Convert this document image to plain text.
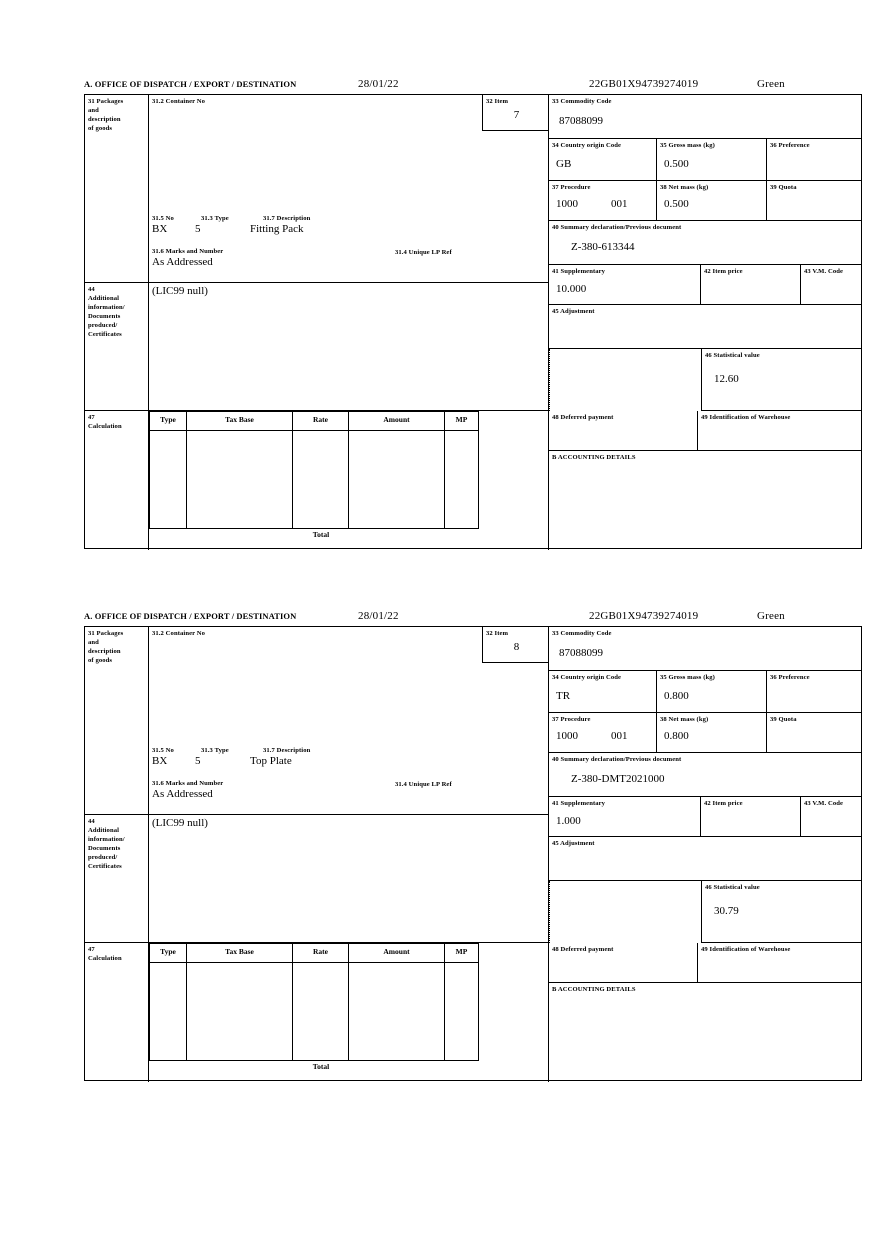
A. OFFICE OF DISPATCH / EXPORT / DESTINATION	28/01/22	22GB01X94739274019	Green
31 Packages
and
description
of goods
31.2 Container No
31.5 No	31.3 Type	31.7 Description
BX	5	Fitting Pack
31.6 Marks and Number	31.4 Unique LP Ref
As Addressed
32 Item
7
33 Commodity Code
87088099
34 Country origin Code
GB
35 Gross mass (kg)
0.500
36 Preference
37 Procedure
1000	001
38 Net mass (kg)
0.500
39 Quota
40 Summary declaration/Previous document
Z-380-613344
41 Supplementary
10.000
42 Item price	43 V.M. Code
44
Additional
information/
Documents
produced/
Certificates
(LIC99 null)
45 Adjustment
46 Statistical value
12.60
47
Calculation
Type	Tax Base	Rate	Amount	MP
Total
48 Deferred payment	49 Identification of Warehouse
B ACCOUNTING DETAILS
A. OFFICE OF DISPATCH / EXPORT / DESTINATION	28/01/22	22GB01X94739274019	Green
31 Packages
and
description
of goods
31.2 Container No
31.5 No	31.3 Type	31.7 Description
BX	5	Top Plate
31.6 Marks and Number	31.4 Unique LP Ref
As Addressed
32 Item
8
33 Commodity Code
87088099
34 Country origin Code
TR
35 Gross mass (kg)
0.800
36 Preference
37 Procedure
1000	001
38 Net mass (kg)
0.800
39 Quota
40 Summary declaration/Previous document
Z-380-DMT2021000
41 Supplementary
1.000
42 Item price	43 V.M. Code
44
Additional
information/
Documents
produced/
Certificates
(LIC99 null)
45 Adjustment
46 Statistical value
30.79
47
Calculation
Type	Tax Base	Rate	Amount	MP
Total
48 Deferred payment	49 Identification of Warehouse
B ACCOUNTING DETAILS
